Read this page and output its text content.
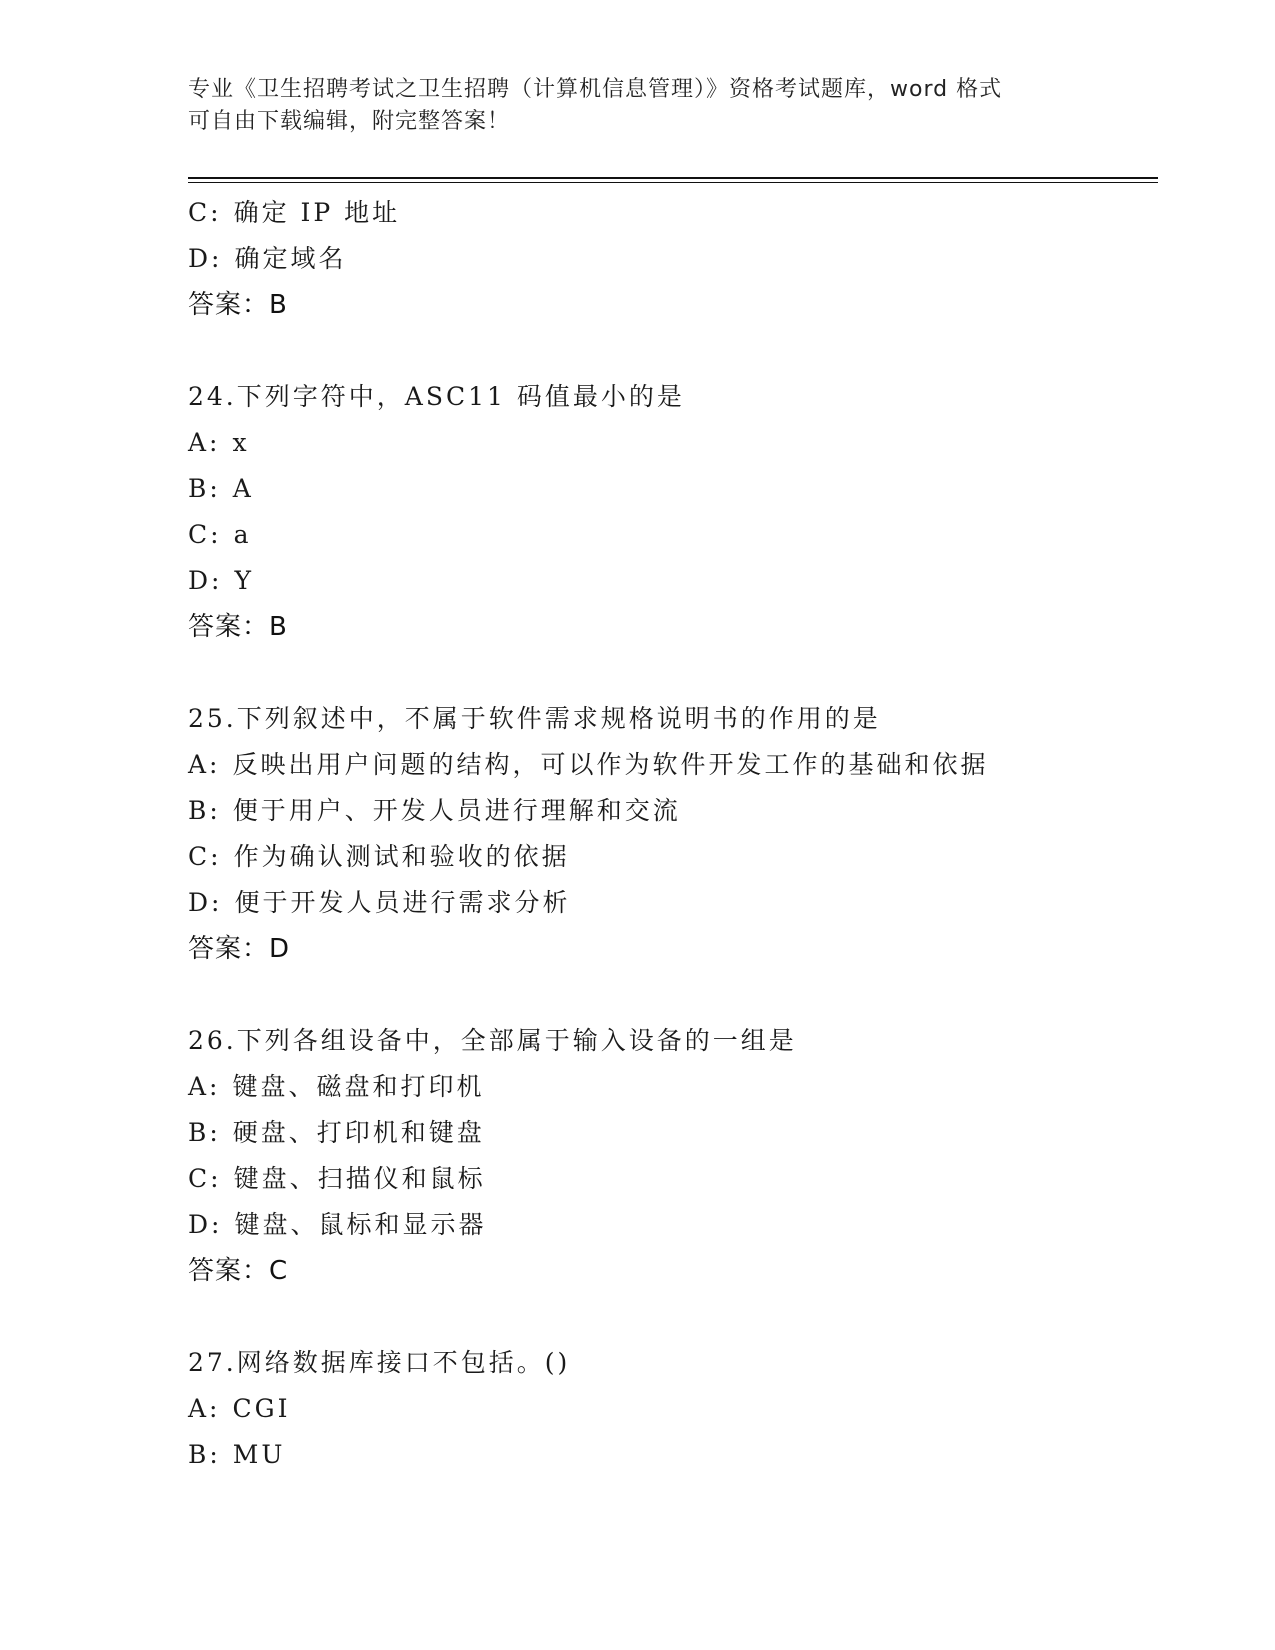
专业《卫生招聘考试之卫生招聘（计算机信息管理）》资格考试题库，word 格式
可自由下载编辑，附完整答案！
C: 确定 IP 地址
D: 确定域名
答案：B
24.下列字符中，ASC11 码值最小的是
A: x
B: A
C: a
D: Y
答案：B
25.下列叙述中，不属于软件需求规格说明书的作用的是
A: 反映出用户问题的结构，可以作为软件开发工作的基础和依据
B: 便于用户、开发人员进行理解和交流
C: 作为确认测试和验收的依据
D: 便于开发人员进行需求分析
答案：D
26.下列各组设备中，全部属于输入设备的一组是
A: 键盘、磁盘和打印机
B: 硬盘、打印机和键盘
C: 键盘、扫描仪和鼠标
D: 键盘、鼠标和显示器
答案：C
27.网络数据库接口不包括。()
A: CGI
B: MU
